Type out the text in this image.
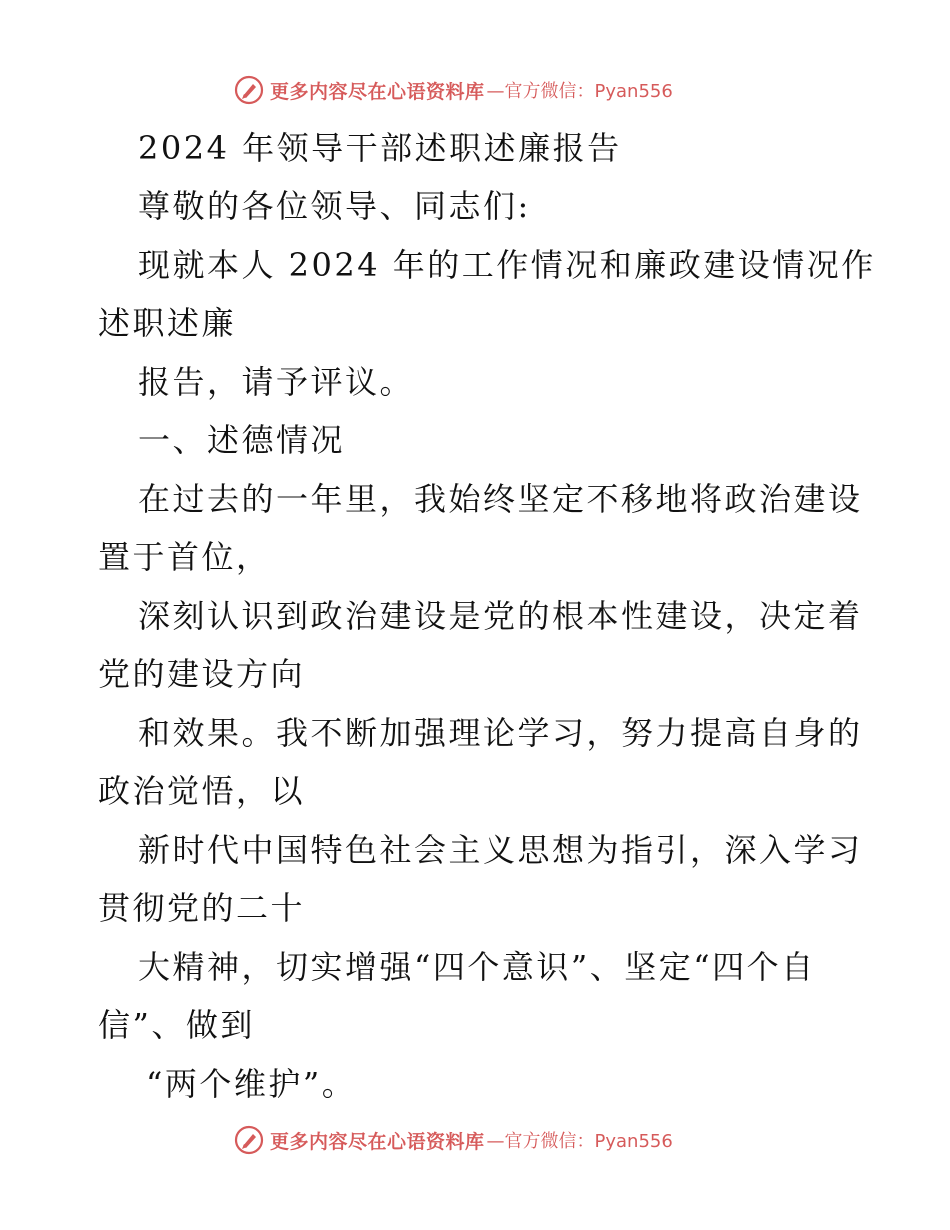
更多内容尽在心语资料库 —官方微信：Pyan556
2024 年领导干部述职述廉报告
尊敬的各位领导、同志们:
现就本人 2024 年的工作情况和廉政建设情况作
述职述廉
报告，请予评议。
一、述德情况
在过去的一年里，我始终坚定不移地将政治建设
置于首位，
深刻认识到政治建设是党的根本性建设，决定着
党的建设方向
和效果。我不断加强理论学习，努力提高自身的
政治觉悟，以
新时代中国特色社会主义思想为指引，深入学习
贯彻党的二十
大精神，切实增强“四个意识”、坚定“四个自
信”、做到
“两个维护”。
更多内容尽在心语资料库 —官方微信：Pyan556
